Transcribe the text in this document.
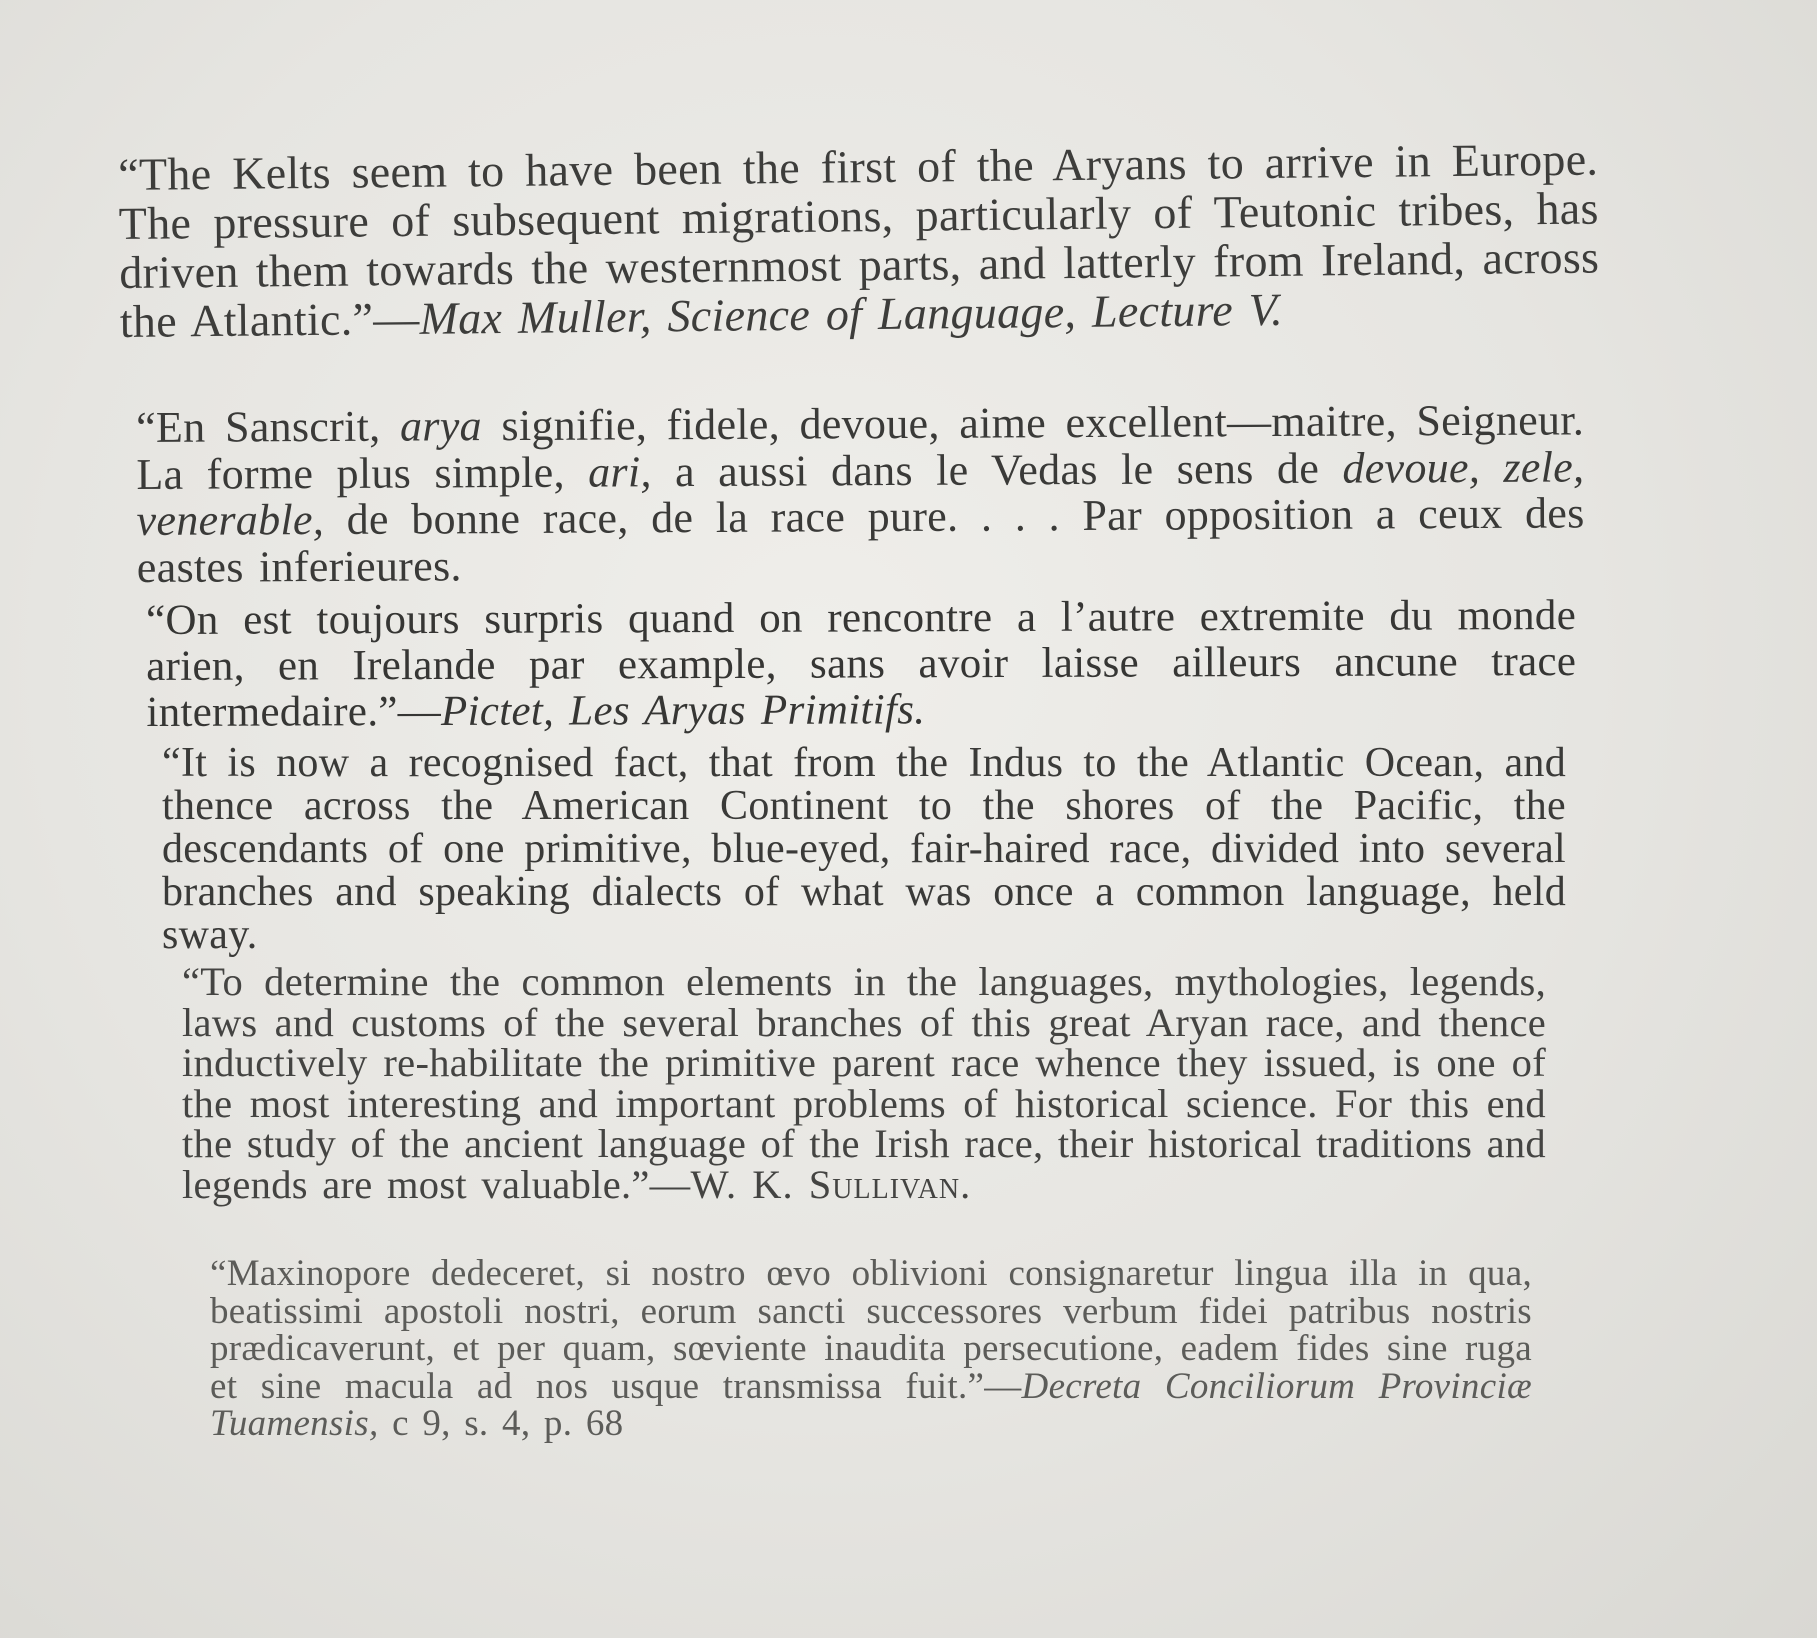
“The Kelts seem to have been the first of the Aryans to arrive in Europe. The pressure of subsequent migrations, particularly of Teutonic tribes, has driven them towards the westernmost parts, and latterly from Ireland, across the Atlantic.”—Max Muller, Science of Language, Lecture V.

“En Sanscrit, arya signifie, fidele, devoue, aime excellent—maitre, Seigneur. La forme plus simple, ari, a aussi dans le Vedas le sens de devoue, zele, venerable, de bonne race, de la race pure. . . . Par opposition a ceux des eastes inferieures.

“On est toujours surpris quand on rencontre a l’autre extremite du monde arien, en Irelande par example, sans avoir laisse ailleurs ancune trace intermedaire.”—Pictet, Les Aryas Primitifs.

“It is now a recognised fact, that from the Indus to the Atlantic Ocean, and thence across the American Continent to the shores of the Pacific, the descendants of one primitive, blue-eyed, fair-haired race, divided into several branches and speaking dialects of what was once a common language, held sway.

“To determine the common elements in the languages, mythologies, legends, laws and customs of the several branches of this great Aryan race, and thence inductively re-habilitate the primitive parent race whence they issued, is one of the most interesting and important problems of historical science. For this end the study of the ancient language of the Irish race, their historical traditions and legends are most valuable.”—W. K. Sullivan.

“Maxinopore dedeceret, si nostro œvo oblivioni consignaretur lingua illa in qua, beatissimi apostoli nostri, eorum sancti successores verbum fidei patribus nostris prædicaverunt, et per quam, sœviente inaudita persecutione, eadem fides sine ruga et sine macula ad nos usque transmissa fuit.”—Decreta Conciliorum Provinciæ Tuamensis, c 9, s. 4, p. 68
